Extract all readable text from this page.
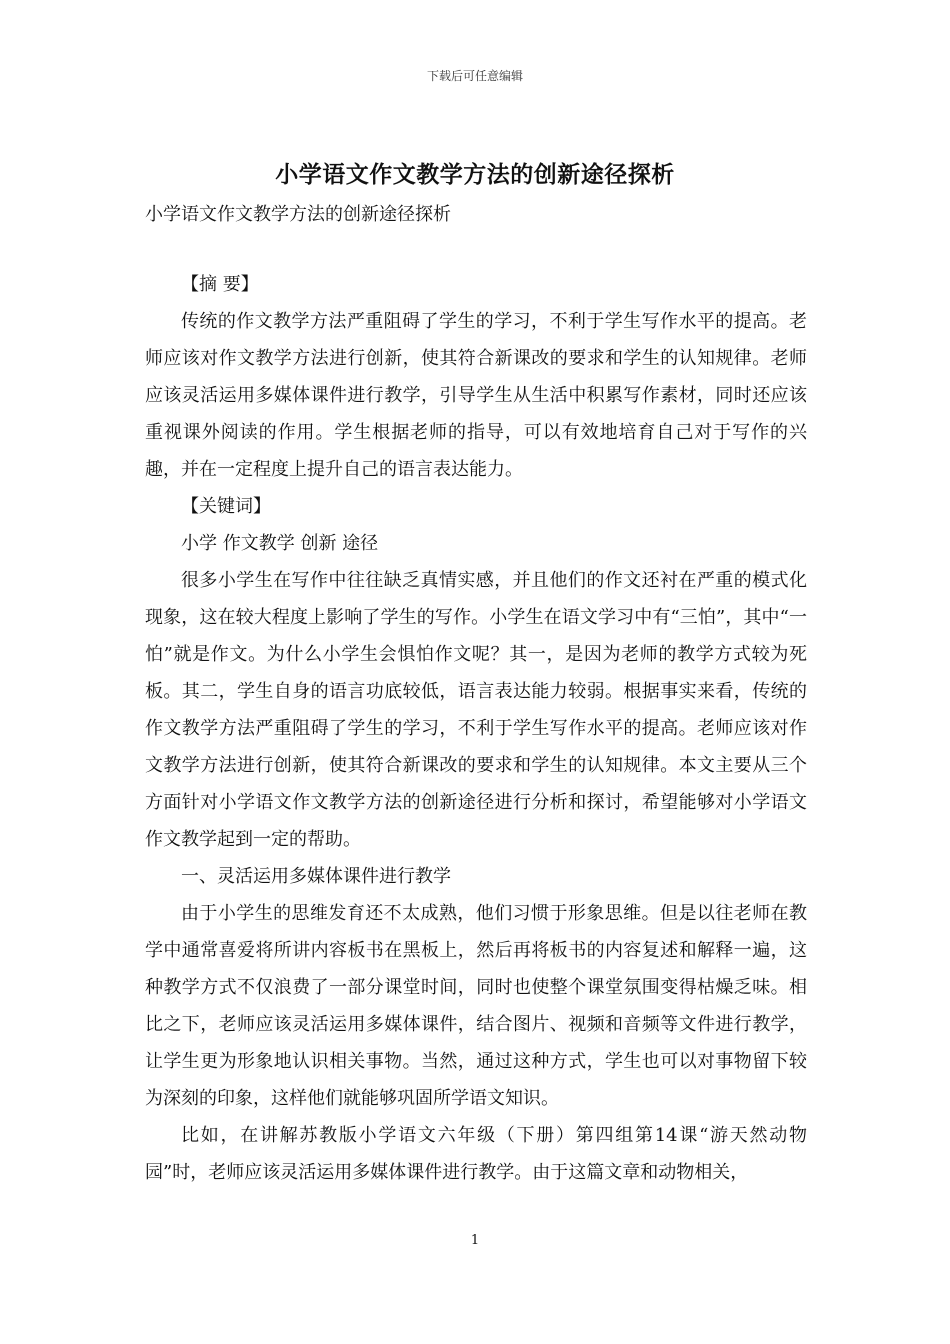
下载后可任意编辑
小学语文作文教学方法的创新途径探析
小学语文作文教学方法的创新途径探析

【摘 要】

传统的作文教学方法严重阻碍了学生的学习，不利于学生写作水平的提高。老师应该对作文教学方法进行创新，使其符合新课改的要求和学生的认知规律。老师应该灵活运用多媒体课件进行教学，引导学生从生活中积累写作素材，同时还应该重视课外阅读的作用。学生根据老师的指导，可以有效地培育自己对于写作的兴趣，并在一定程度上提升自己的语言表达能力。

【关键词】

小学 作文教学 创新 途径

很多小学生在写作中往往缺乏真情实感，并且他们的作文还衬在严重的模式化现象，这在较大程度上影响了学生的写作。小学生在语文学习中有“三怕”，其中“一怕”就是作文。为什么小学生会惧怕作文呢？其一，是因为老师的教学方式较为死板。其二，学生自身的语言功底较低，语言表达能力较弱。根据事实来看，传统的作文教学方法严重阻碍了学生的学习，不利于学生写作水平的提高。老师应该对作文教学方法进行创新，使其符合新课改的要求和学生的认知规律。本文主要从三个方面针对小学语文作文教学方法的创新途径进行分析和探讨，希望能够对小学语文作文教学起到一定的帮助。

一、灵活运用多媒体课件进行教学

由于小学生的思维发育还不太成熟，他们习惯于形象思维。但是以往老师在教学中通常喜爱将所讲内容板书在黑板上，然后再将板书的内容复述和解释一遍，这种教学方式不仅浪费了一部分课堂时间，同时也使整个课堂氛围变得枯燥乏味。相比之下，老师应该灵活运用多媒体课件，结合图片、视频和音频等文件进行教学，让学生更为形象地认识相关事物。当然，通过这种方式，学生也可以对事物留下较为深刻的印象，这样他们就能够巩固所学语文知识。

比如，在讲解苏教版小学语文六年级（下册）第四组第14课“游天然动物园”时，老师应该灵活运用多媒体课件进行教学。由于这篇文章和动物相关，

1
